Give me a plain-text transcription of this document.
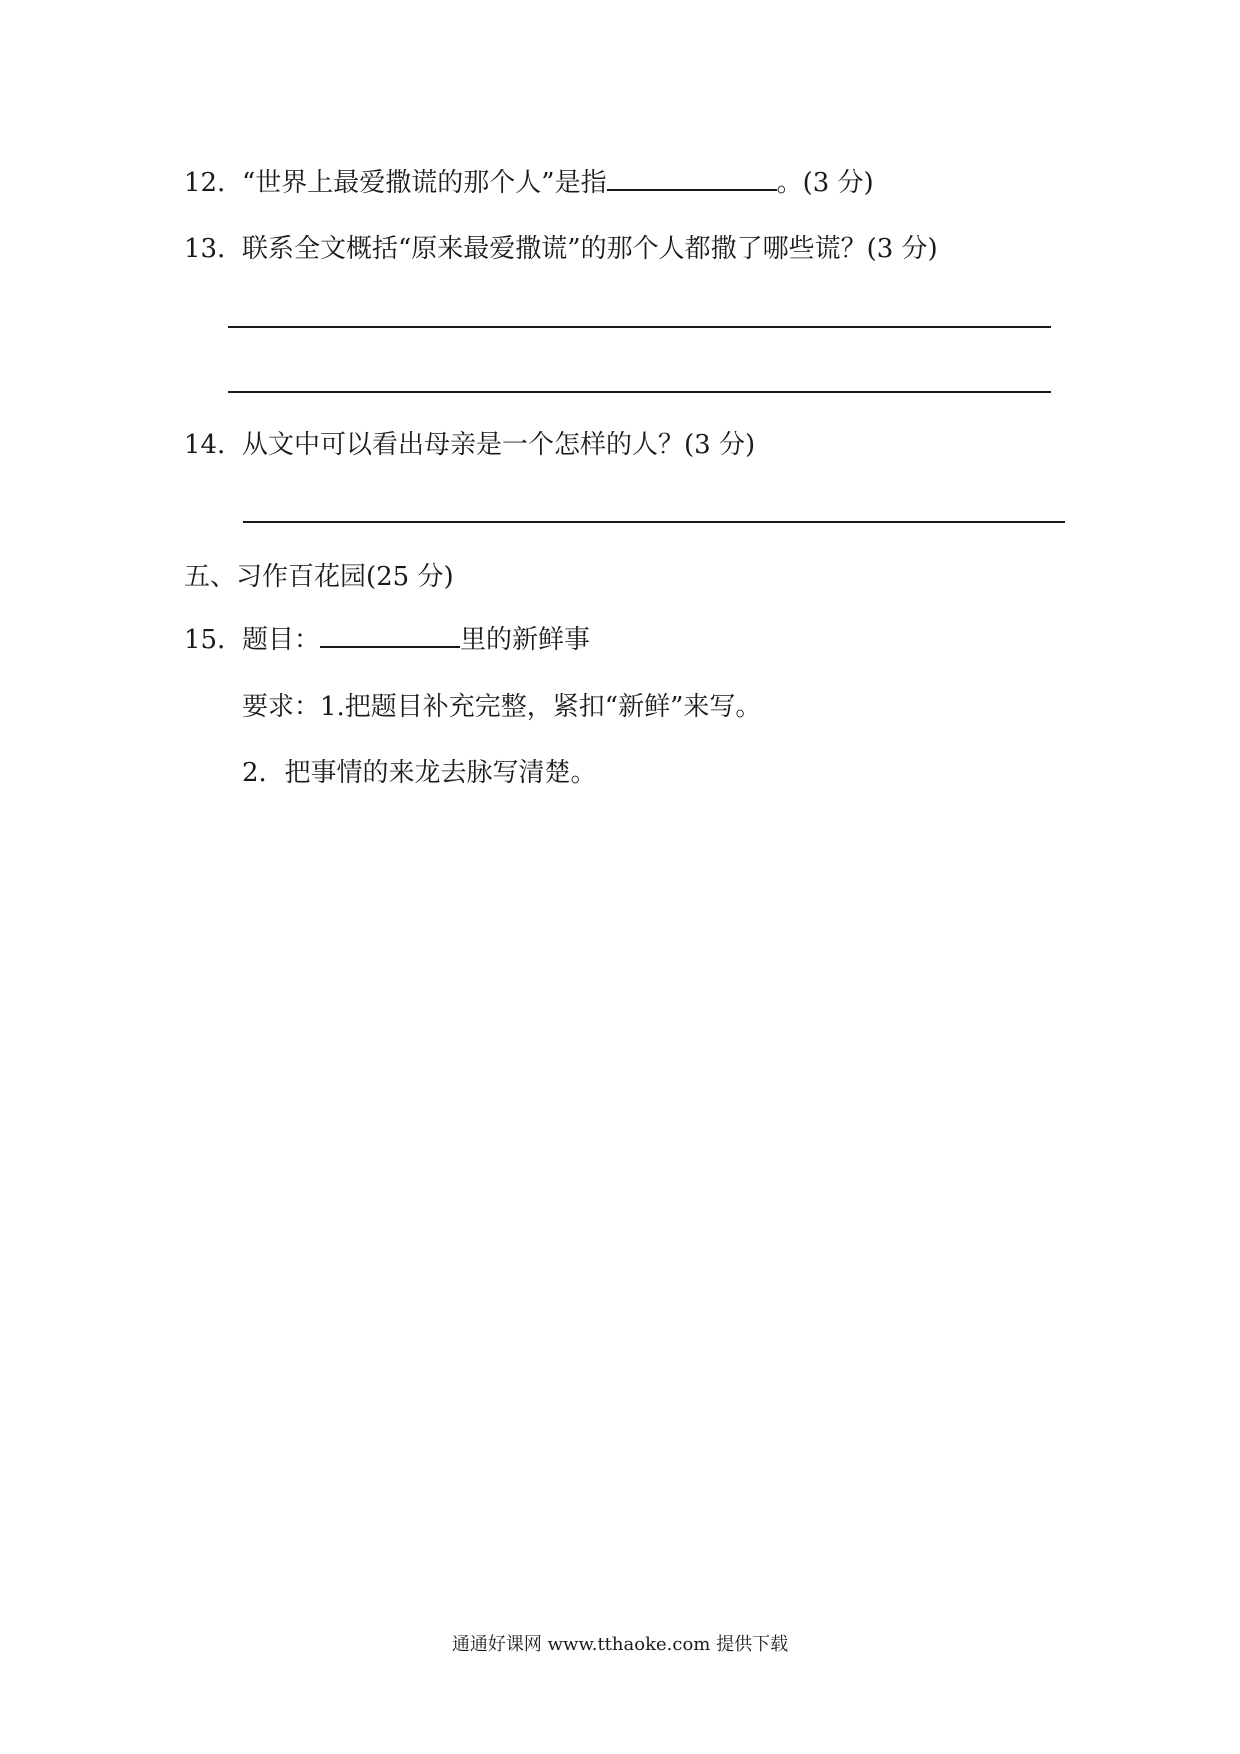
12．“世界上最爱撒谎的那个人”是指	。(3 分)
13．联系全文概括“原来最爱撒谎”的那个人都撒了哪些谎？(3 分)
14．从文中可以看出母亲是一个怎样的人？(3 分)
五、习作百花园(25 分)
15．题目：	里的新鲜事
要求：1.把题目补充完整，紧扣“新鲜”来写。
2．把事情的来龙去脉写清楚。
通通好课网 www.tthaoke.com 提供下载
